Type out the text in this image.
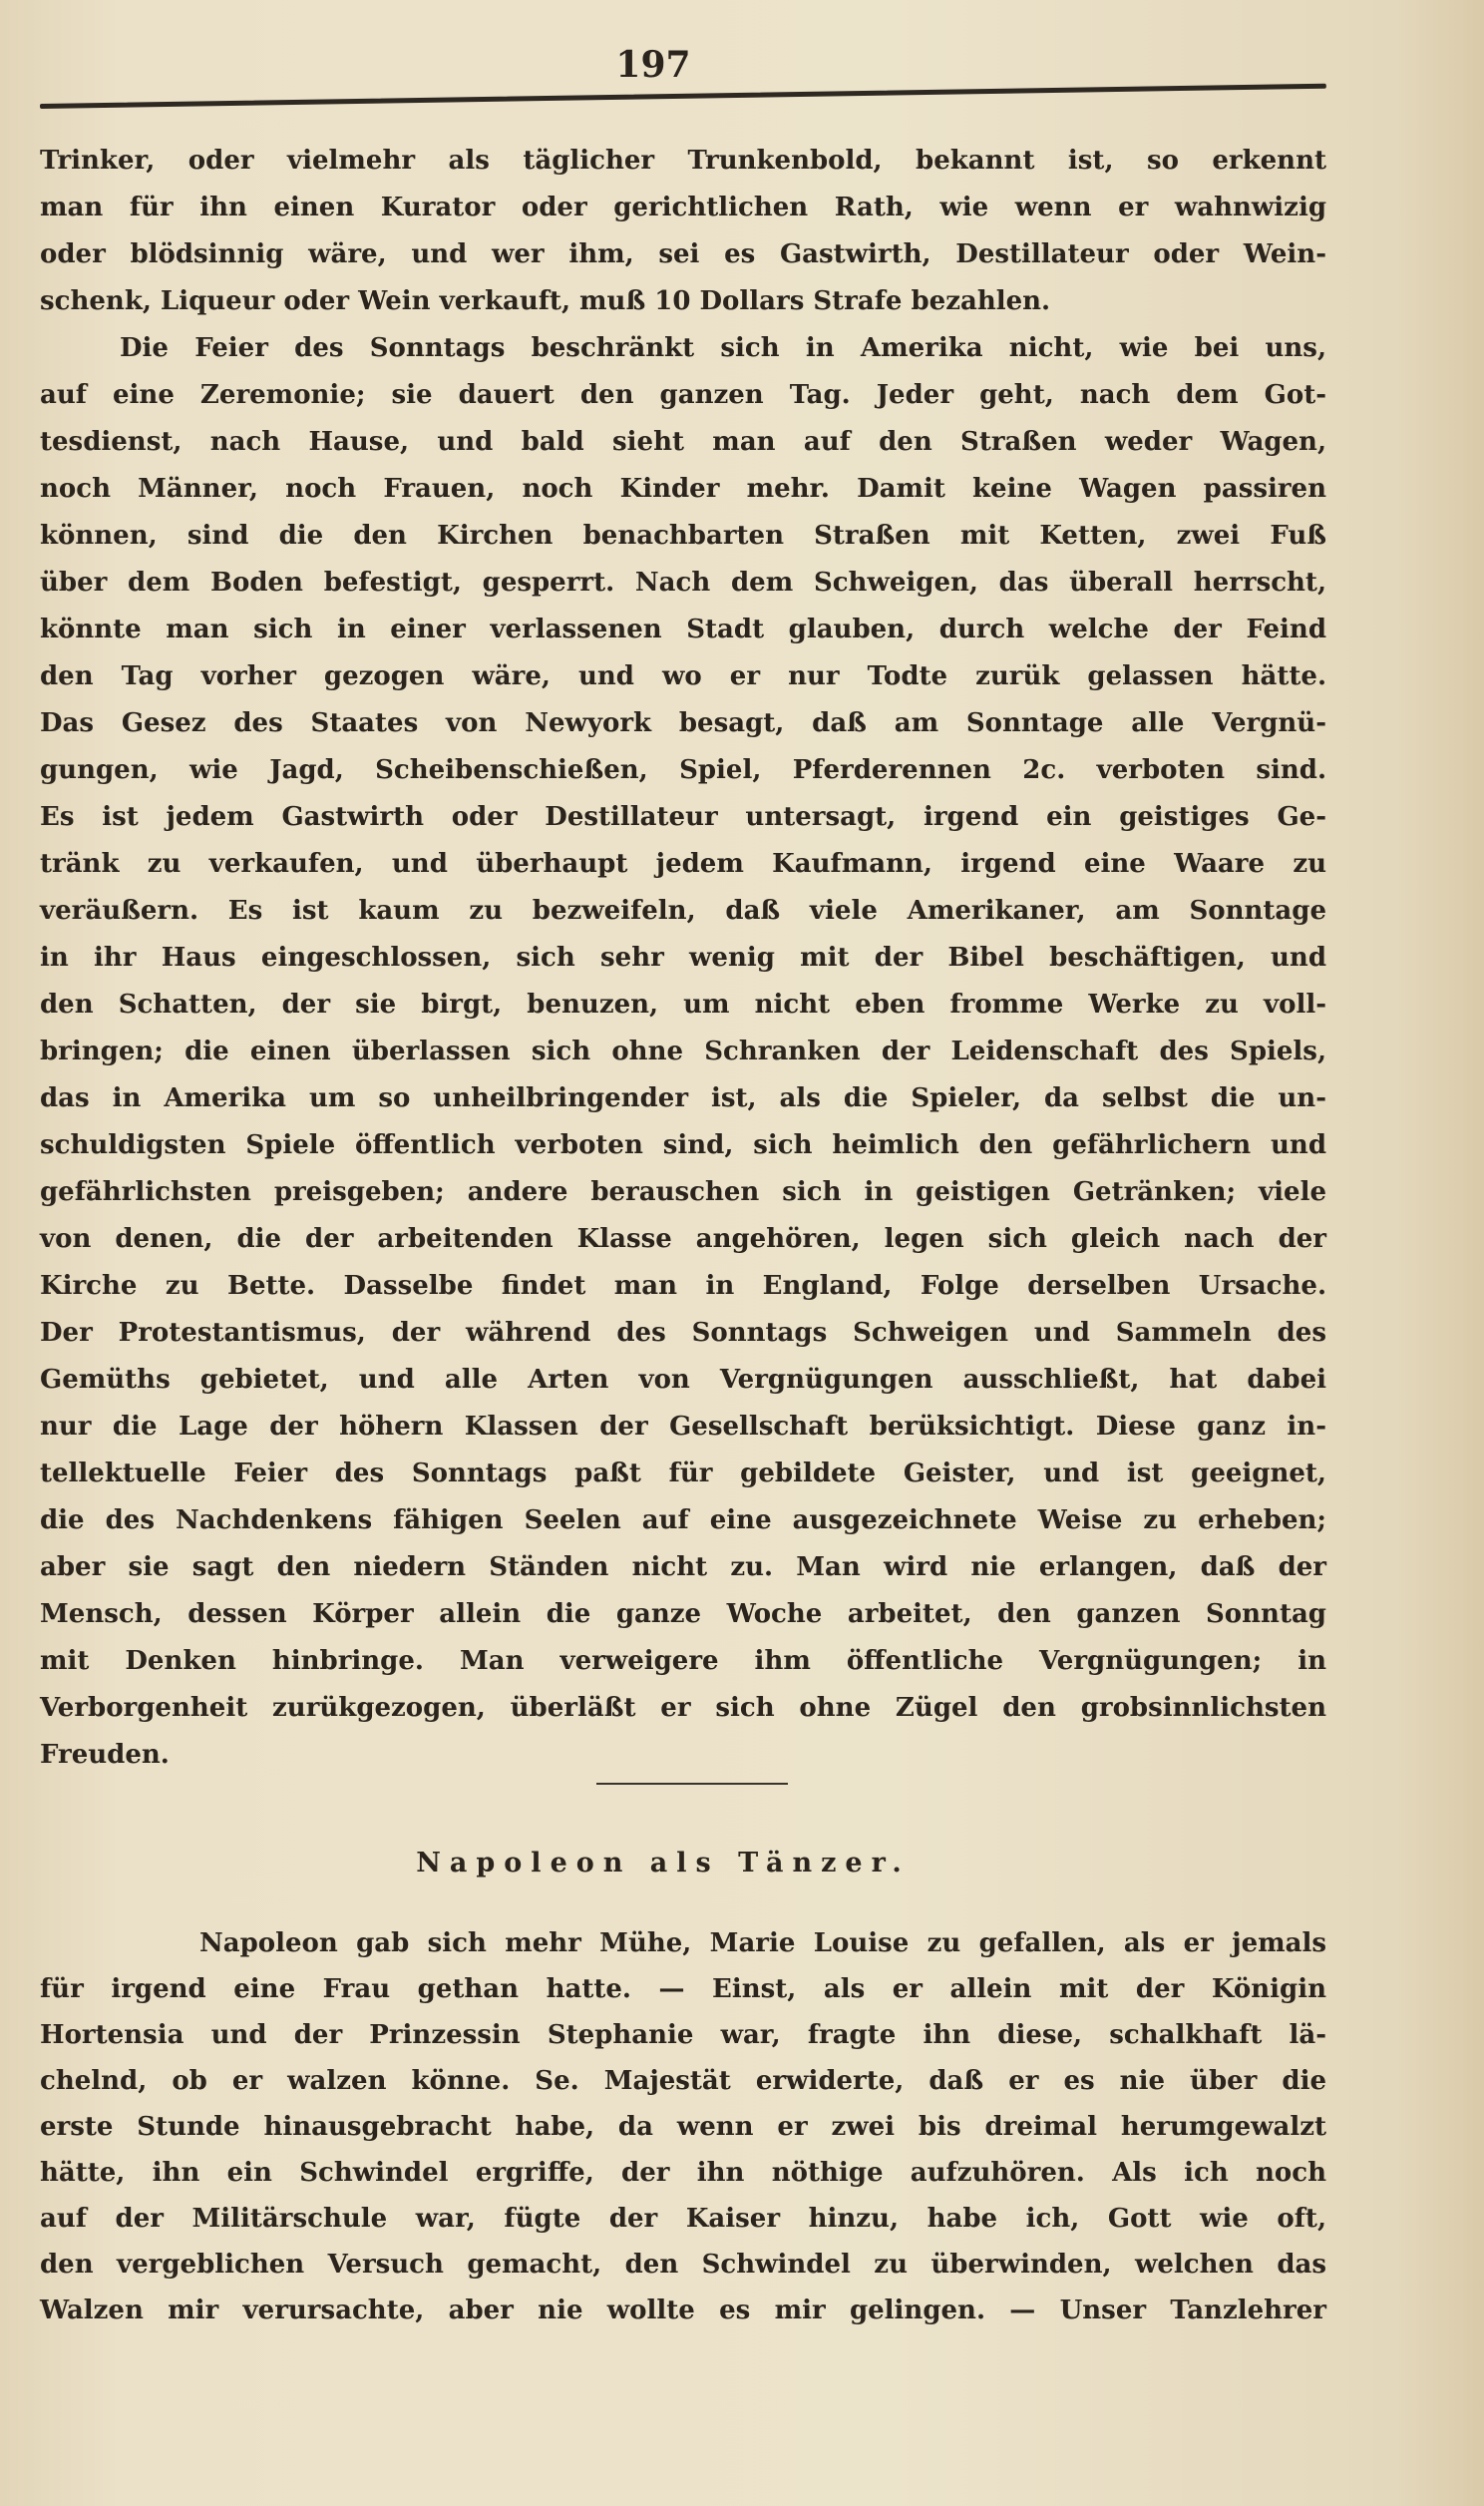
197
Trinker, oder vielmehr als täglicher Trunkenbold, bekannt ist, so erkennt
man für ihn einen Kurator oder gerichtlichen Rath, wie wenn er wahnwizig
oder blödsinnig wäre, und wer ihm, sei es Gastwirth, Destillateur oder Wein-
schenk, Liqueur oder Wein verkauft, muß 10 Dollars Strafe bezahlen.
Die Feier des Sonntags beschränkt sich in Amerika nicht, wie bei uns,
auf eine Zeremonie; sie dauert den ganzen Tag. Jeder geht, nach dem Got-
tesdienst, nach Hause, und bald sieht man auf den Straßen weder Wagen,
noch Männer, noch Frauen, noch Kinder mehr. Damit keine Wagen passiren
können, sind die den Kirchen benachbarten Straßen mit Ketten, zwei Fuß
über dem Boden befestigt, gesperrt. Nach dem Schweigen, das überall herrscht,
könnte man sich in einer verlassenen Stadt glauben, durch welche der Feind
den Tag vorher gezogen wäre, und wo er nur Todte zurük gelassen hätte.
Das Gesez des Staates von Newyork besagt, daß am Sonntage alle Vergnü-
gungen, wie Jagd, Scheibenschießen, Spiel, Pferderennen 2c. verboten sind.
Es ist jedem Gastwirth oder Destillateur untersagt, irgend ein geistiges Ge-
tränk zu verkaufen, und überhaupt jedem Kaufmann, irgend eine Waare zu
veräußern. Es ist kaum zu bezweifeln, daß viele Amerikaner, am Sonntage
in ihr Haus eingeschlossen, sich sehr wenig mit der Bibel beschäftigen, und
den Schatten, der sie birgt, benuzen, um nicht eben fromme Werke zu voll-
bringen; die einen überlassen sich ohne Schranken der Leidenschaft des Spiels,
das in Amerika um so unheilbringender ist, als die Spieler, da selbst die un-
schuldigsten Spiele öffentlich verboten sind, sich heimlich den gefährlichern und
gefährlichsten preisgeben; andere berauschen sich in geistigen Getränken; viele
von denen, die der arbeitenden Klasse angehören, legen sich gleich nach der
Kirche zu Bette. Dasselbe findet man in England, Folge derselben Ursache.
Der Protestantismus, der während des Sonntags Schweigen und Sammeln des
Gemüths gebietet, und alle Arten von Vergnügungen ausschließt, hat dabei
nur die Lage der höhern Klassen der Gesellschaft berüksichtigt. Diese ganz in-
tellektuelle Feier des Sonntags paßt für gebildete Geister, und ist geeignet,
die des Nachdenkens fähigen Seelen auf eine ausgezeichnete Weise zu erheben;
aber sie sagt den niedern Ständen nicht zu. Man wird nie erlangen, daß der
Mensch, dessen Körper allein die ganze Woche arbeitet, den ganzen Sonntag
mit Denken hinbringe. Man verweigere ihm öffentliche Vergnügungen; in
Verborgenheit zurükgezogen, überläßt er sich ohne Zügel den grobsinnlichsten
Freuden.
Napoleon als Tänzer.
Napoleon gab sich mehr Mühe, Marie Louise zu gefallen, als er jemals
für irgend eine Frau gethan hatte. — Einst, als er allein mit der Königin
Hortensia und der Prinzessin Stephanie war, fragte ihn diese, schalkhaft lä-
chelnd, ob er walzen könne. Se. Majestät erwiderte, daß er es nie über die
erste Stunde hinausgebracht habe, da wenn er zwei bis dreimal herumgewalzt
hätte, ihn ein Schwindel ergriffe, der ihn nöthige aufzuhören. Als ich noch
auf der Militärschule war, fügte der Kaiser hinzu, habe ich, Gott wie oft,
den vergeblichen Versuch gemacht, den Schwindel zu überwinden, welchen das
Walzen mir verursachte, aber nie wollte es mir gelingen. — Unser Tanzlehrer
